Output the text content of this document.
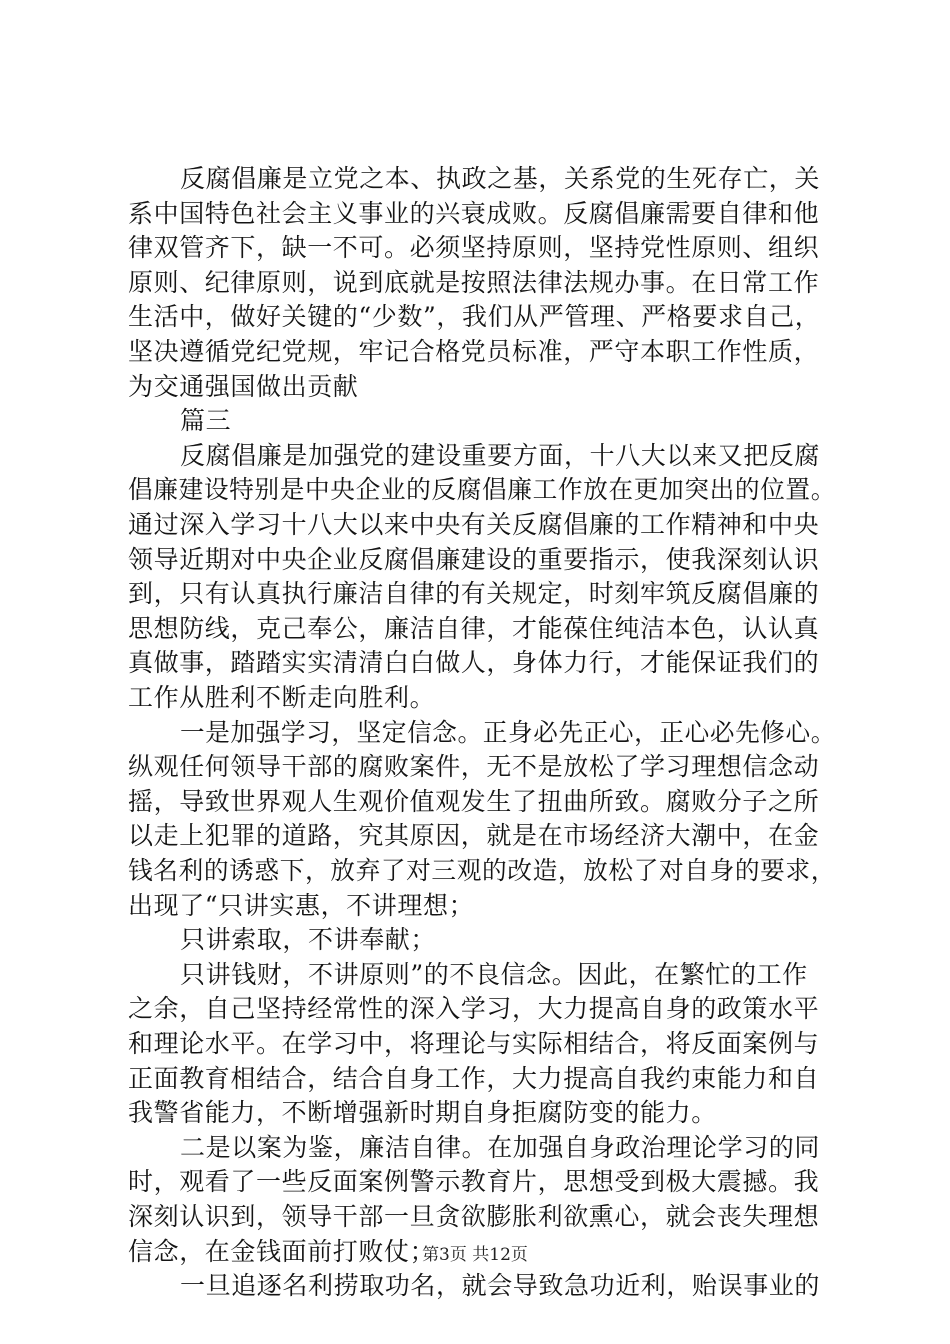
反腐倡廉是立党之本、执政之基，关系党的生死存亡，关
系中国特色社会主义事业的兴衰成败。反腐倡廉需要自律和他
律双管齐下，缺一不可。必须坚持原则，坚持党性原则、组织
原则、纪律原则，说到底就是按照法律法规办事。在日常工作
生活中，做好关键的“少数”，我们从严管理、严格要求自己，
坚决遵循党纪党规，牢记合格党员标准，严守本职工作性质，
为交通强国做出贡献
篇三
反腐倡廉是加强党的建设重要方面，十八大以来又把反腐
倡廉建设特别是中央企业的反腐倡廉工作放在更加突出的位置。
通过深入学习十八大以来中央有关反腐倡廉的工作精神和中央
领导近期对中央企业反腐倡廉建设的重要指示，使我深刻认识
到，只有认真执行廉洁自律的有关规定，时刻牢筑反腐倡廉的
思想防线，克己奉公，廉洁自律，才能葆住纯洁本色，认认真
真做事，踏踏实实清清白白做人，身体力行，才能保证我们的
工作从胜利不断走向胜利。
一是加强学习，坚定信念。正身必先正心，正心必先修心。
纵观任何领导干部的腐败案件，无不是放松了学习理想信念动
摇，导致世界观人生观价值观发生了扭曲所致。腐败分子之所
以走上犯罪的道路，究其原因，就是在市场经济大潮中，在金
钱名利的诱惑下，放弃了对三观的改造，放松了对自身的要求，
出现了“只讲实惠，不讲理想；
只讲索取，不讲奉献；
只讲钱财，不讲原则”的不良信念。因此，在繁忙的工作
之余，自己坚持经常性的深入学习，大力提高自身的政策水平
和理论水平。在学习中，将理论与实际相结合，将反面案例与
正面教育相结合，结合自身工作，大力提高自我约束能力和自
我警省能力，不断增强新时期自身拒腐防变的能力。
二是以案为鉴，廉洁自律。在加强自身政治理论学习的同
时，观看了一些反面案例警示教育片，思想受到极大震撼。我
深刻认识到，领导干部一旦贪欲膨胀利欲熏心，就会丧失理想
信念，在金钱面前打败仗；
一旦追逐名利捞取功名，就会导致急功近利，贻误事业的
第3页 共12页
